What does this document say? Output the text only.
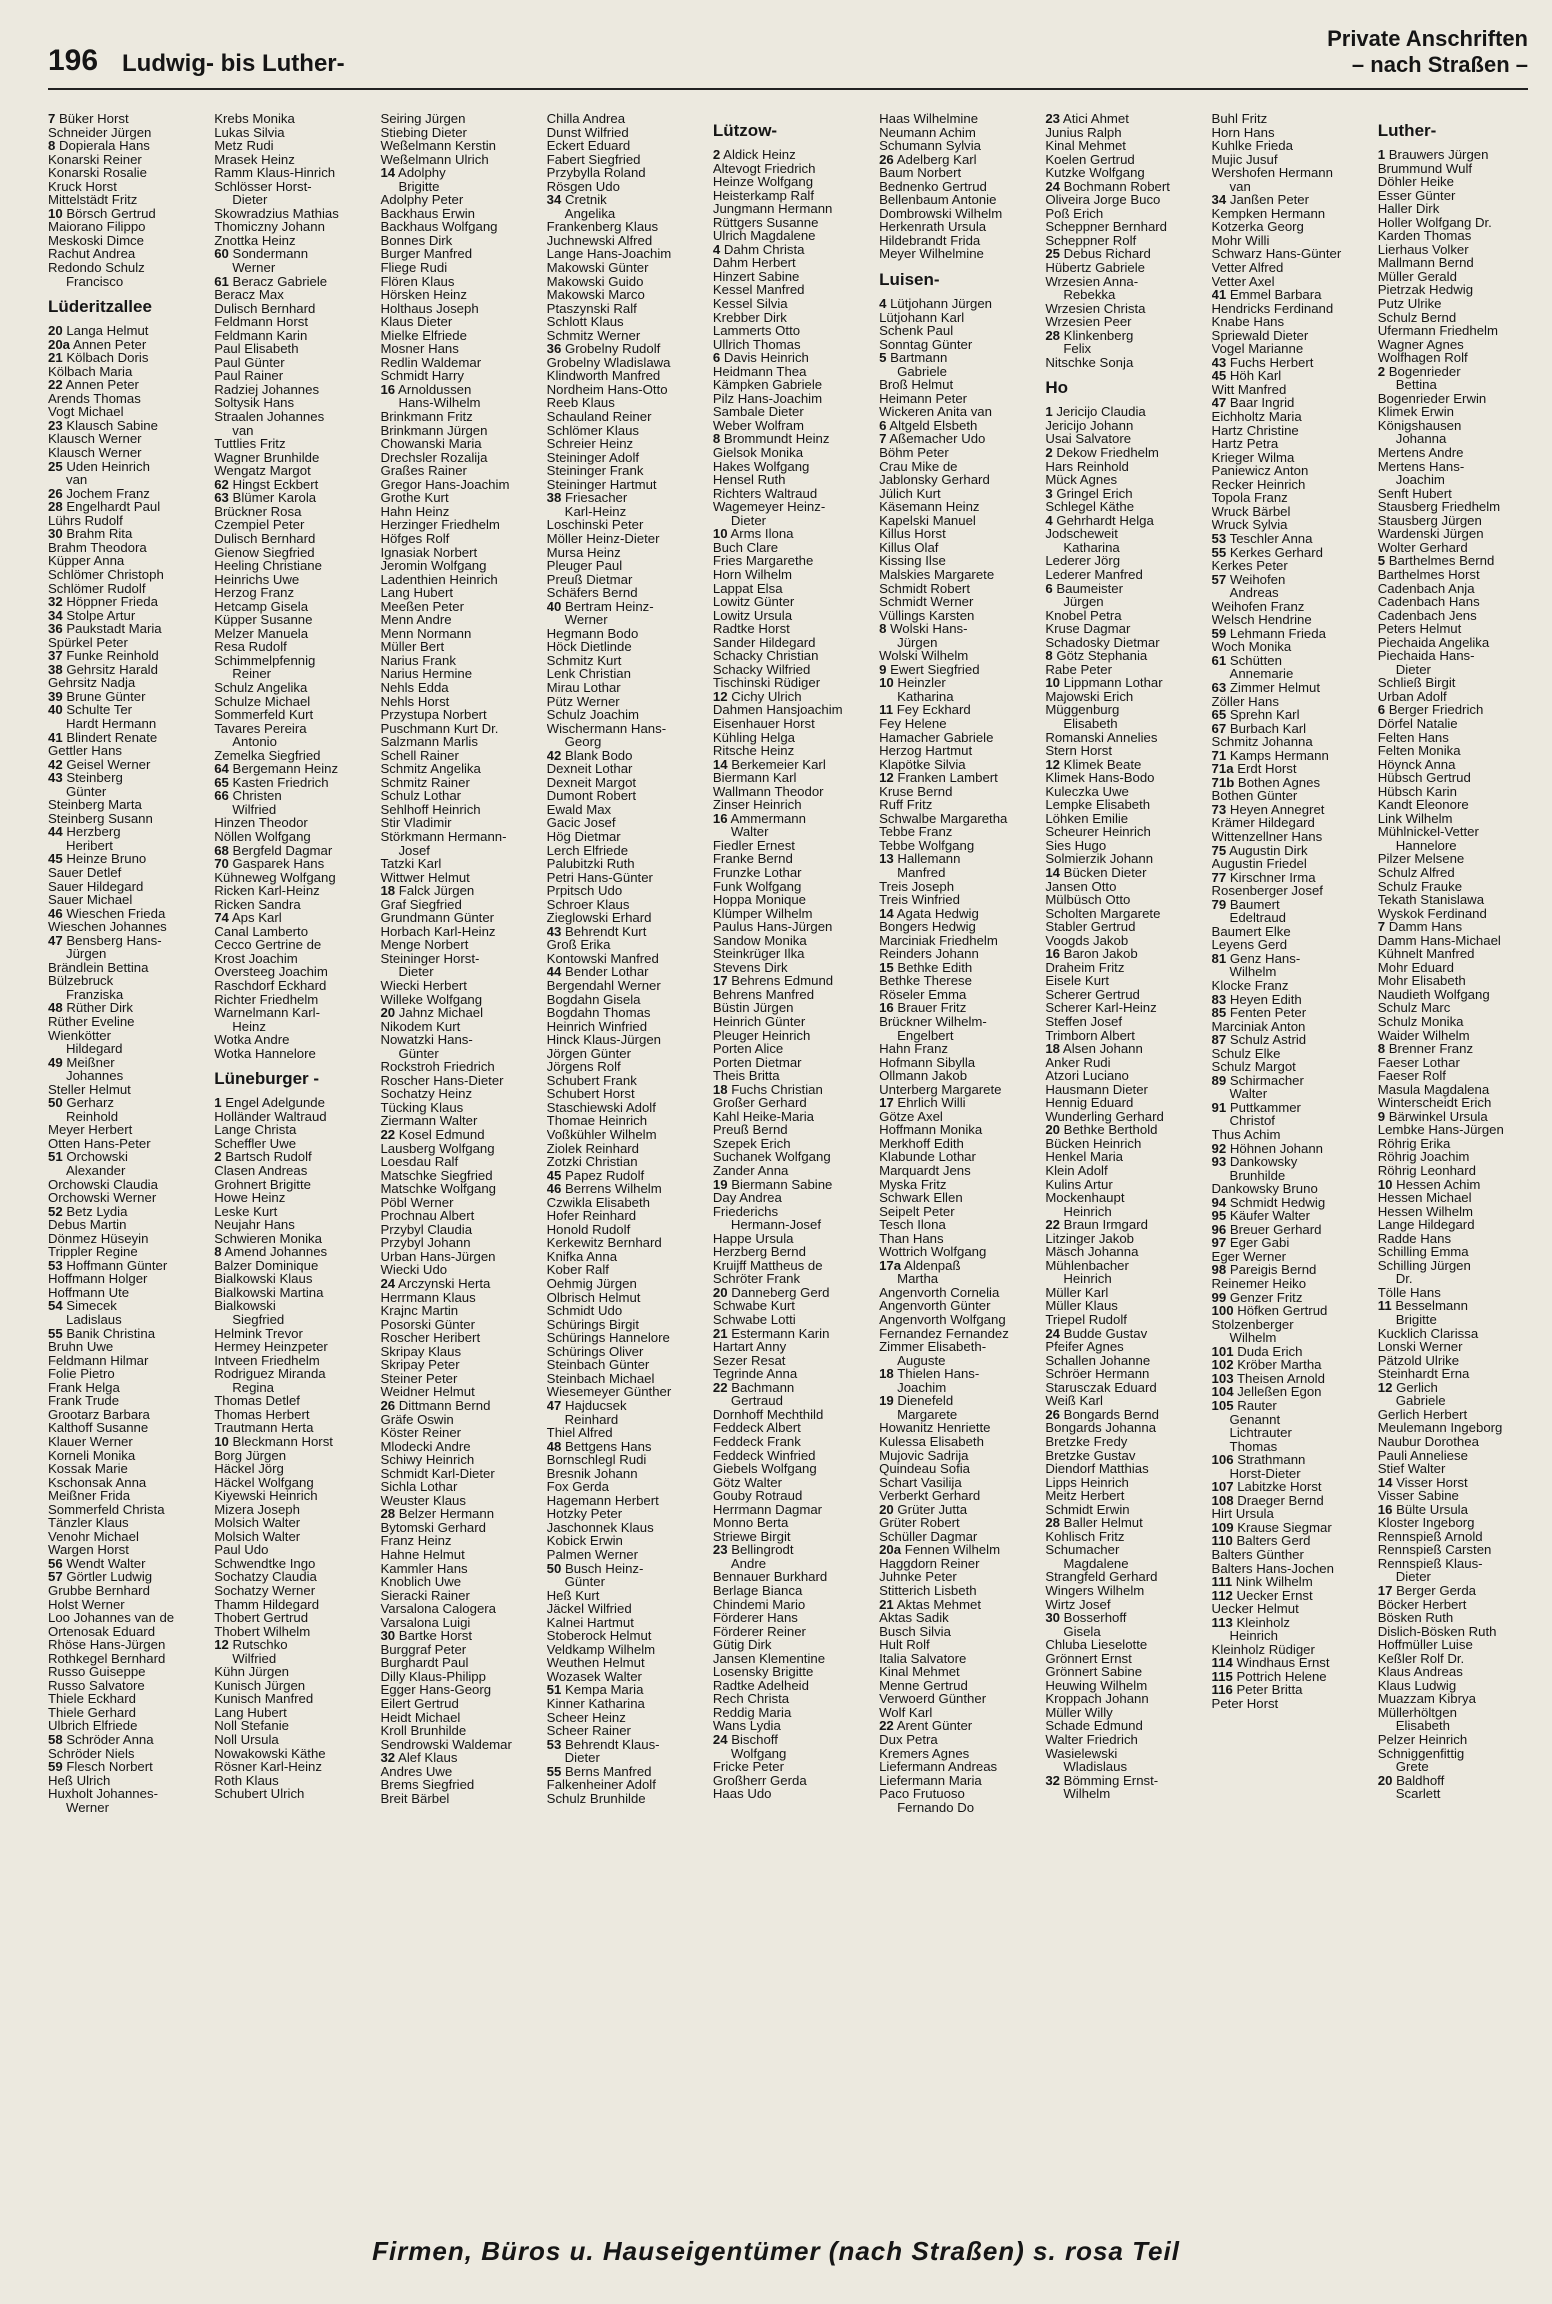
196 Ludwig- bis Luther-
Private Anschriften
– nach Straßen –
7 Büker Horst
Schneider Jürgen
8 Dopierala Hans
Konarski Reiner
Konarski Rosalie
Kruck Horst
Mittelstädt Fritz
10 Börsch Gertrud
Maiorano Filippo
Meskoski Dimce
Rachut Andrea
Redondo Schulz
Francisco
Lüderitzallee
20 Langa Helmut
20a Annen Peter
21 Kölbach Doris
Kölbach Maria
22 Annen Peter
Arends Thomas
Vogt Michael
23 Klausch Sabine
Klausch Werner
Klausch Werner
25 Uden Heinrich
van
26 Jochem Franz
28 Engelhardt Paul
Lührs Rudolf
30 Brahm Rita
Brahm Theodora
Küpper Anna
Schlömer Christoph
Schlömer Rudolf
32 Höppner Frieda
34 Stolpe Artur
36 Paukstadt Maria
Spürkel Peter
37 Funke Reinhold
38 Gehrsitz Harald
Gehrsitz Nadja
39 Brune Günter
40 Schulte Ter
Hardt Hermann
41 Blindert Renate
Gettler Hans
42 Geisel Werner
43 Steinberg
Günter
Steinberg Marta
Steinberg Susann
44 Herzberg
Heribert
45 Heinze Bruno
Sauer Detlef
Sauer Hildegard
Sauer Michael
46 Wieschen Frieda
Wieschen Johannes
47 Bensberg Hans-
Jürgen
Brändlein Bettina
Bülzebruck
Franziska
48 Rüther Dirk
Rüther Eveline
Wienkötter
Hildegard
49 Meißner
Johannes
Steller Helmut
50 Gerharz
Reinhold
Meyer Herbert
Otten Hans-Peter
51 Orchowski
Alexander
Orchowski Claudia
Orchowski Werner
52 Betz Lydia
Debus Martin
Dönmez Hüseyin
Trippler Regine
53 Hoffmann Günter
Hoffmann Holger
Hoffmann Ute
54 Simecek
Ladislaus
55 Banik Christina
Bruhn Uwe
Feldmann Hilmar
Folie Pietro
Frank Helga
Frank Trude
Grootarz Barbara
Kalthoff Susanne
Klauer Werner
Korneli Monika
Kossak Marie
Kschonsak Anna
Meißner Frida
Sommerfeld Christa
Tänzler Klaus
Venohr Michael
Wargen Horst
56 Wendt Walter
57 Görtler Ludwig
Grubbe Bernhard
Holst Werner
Loo Johannes van de
Ortenosak Eduard
Rhöse Hans-Jürgen
Rothkegel Bernhard
Russo Guiseppe
Russo Salvatore
Thiele Eckhard
Thiele Gerhard
Ulbrich Elfriede
58 Schröder Anna
Schröder Niels
59 Flesch Norbert
Heß Ulrich
Huxholt Johannes-
Werner
Krebs Monika
Lukas Silvia
Metz Rudi
Mrasek Heinz
Ramm Klaus-Hinrich
Schlösser Horst-
Dieter
Skowradzius Mathias
Thomiczny Johann
Znottka Heinz
60 Sondermann
Werner
61 Beracz Gabriele
Beracz Max
Dulisch Bernhard
Feldmann Horst
Feldmann Karin
Paul Elisabeth
Paul Günter
Paul Rainer
Radziej Johannes
Soltysik Hans
Straalen Johannes
van
Tuttlies Fritz
Wagner Brunhilde
Wengatz Margot
62 Hingst Eckbert
63 Blümer Karola
Brückner Rosa
Czempiel Peter
Dulisch Bernhard
Gienow Siegfried
Heeling Christiane
Heinrichs Uwe
Herzog Franz
Hetcamp Gisela
Küpper Susanne
Melzer Manuela
Resa Rudolf
Schimmelpfennig
Reiner
Schulz Angelika
Schulze Michael
Sommerfeld Kurt
Tavares Pereira
Antonio
Zemelka Siegfried
64 Bergemann Heinz
65 Kasten Friedrich
66 Christen
Wilfried
Hinzen Theodor
Nöllen Wolfgang
68 Bergfeld Dagmar
70 Gasparek Hans
Kühneweg Wolfgang
Ricken Karl-Heinz
Ricken Sandra
74 Aps Karl
Canal Lamberto
Cecco Gertrine de
Krost Joachim
Oversteeg Joachim
Raschdorf Eckhard
Richter Friedhelm
Warnelmann Karl-
Heinz
Wotka Andre
Wotka Hannelore
Lüneburger -
1 Engel Adelgunde
Holländer Waltraud
Lange Christa
Scheffler Uwe
2 Bartsch Rudolf
Clasen Andreas
Grohnert Brigitte
Howe Heinz
Leske Kurt
Neujahr Hans
Schwieren Monika
8 Amend Johannes
Balzer Dominique
Bialkowski Klaus
Bialkowski Martina
Bialkowski
Siegfried
Helmink Trevor
Hermey Heinzpeter
Intveen Friedhelm
Rodriguez Miranda
Regina
Thomas Detlef
Thomas Herbert
Trautmann Herta
10 Bleckmann Horst
Borg Jürgen
Häckel Jörg
Häckel Wolfgang
Kiyewski Heinrich
Mizera Joseph
Molsich Walter
Molsich Walter
Paul Udo
Schwendtke Ingo
Sochatzy Claudia
Sochatzy Werner
Thamm Hildegard
Thobert Gertrud
Thobert Wilhelm
12 Rutschko
Wilfried
Kühn Jürgen
Kunisch Jürgen
Kunisch Manfred
Lang Hubert
Noll Stefanie
Noll Ursula
Nowakowski Käthe
Rösner Karl-Heinz
Roth Klaus
Schubert Ulrich
Seiring Jürgen
Stiebing Dieter
Weßelmann Kerstin
Weßelmann Ulrich
14 Adolphy
Brigitte
Adolphy Peter
Backhaus Erwin
Backhaus Wolfgang
Bonnes Dirk
Burger Manfred
Fliege Rudi
Flören Klaus
Hörsken Heinz
Holthaus Joseph
Klaus Dieter
Mielke Elfriede
Mosner Hans
Redlin Waldemar
Schmidt Harry
16 Arnoldussen
Hans-Wilhelm
Brinkmann Fritz
Brinkmann Jürgen
Chowanski Maria
Drechsler Rozalija
Graßes Rainer
Gregor Hans-Joachim
Grothe Kurt
Hahn Heinz
Herzinger Friedhelm
Höfges Rolf
Ignasiak Norbert
Jeromin Wolfgang
Ladenthien Heinrich
Lang Hubert
Meeßen Peter
Menn Andre
Menn Normann
Müller Bert
Narius Frank
Narius Hermine
Nehls Edda
Nehls Horst
Przystupa Norbert
Puschmann Kurt Dr.
Salzmann Marlis
Schell Rainer
Schmitz Angelika
Schmitz Rainer
Schulz Lothar
Sehlhoff Heinrich
Stir Vladimir
Störkmann Hermann-
Josef
Tatzki Karl
Wittwer Helmut
18 Falck Jürgen
Graf Siegfried
Grundmann Günter
Horbach Karl-Heinz
Menge Norbert
Steininger Horst-
Dieter
Wiecki Herbert
Willeke Wolfgang
20 Jahnz Michael
Nikodem Kurt
Nowatzki Hans-
Günter
Rockstroh Friedrich
Roscher Hans-Dieter
Sochatzy Heinz
Tücking Klaus
Ziermann Walter
22 Kosel Edmund
Lausberg Wolfgang
Loesdau Ralf
Matschke Siegfried
Matschke Wolfgang
Pöbl Werner
Prochnau Albert
Przybyl Claudia
Przybyl Johann
Urban Hans-Jürgen
Wiecki Udo
24 Arczynski Herta
Herrmann Klaus
Krajnc Martin
Posorski Günter
Roscher Heribert
Skripay Klaus
Skripay Peter
Steiner Peter
Weidner Helmut
26 Dittmann Bernd
Gräfe Oswin
Köster Reiner
Mlodecki Andre
Schiwy Heinrich
Schmidt Karl-Dieter
Sichla Lothar
Weuster Klaus
28 Belzer Hermann
Bytomski Gerhard
Franz Heinz
Hahne Helmut
Kammler Hans
Knoblich Uwe
Sieracki Rainer
Varsalona Calogera
Varsalona Luigi
30 Bartke Horst
Burggraf Peter
Burghardt Paul
Dilly Klaus-Philipp
Egger Hans-Georg
Eilert Gertrud
Heidt Michael
Kroll Brunhilde
Sendrowski Waldemar
32 Alef Klaus
Andres Uwe
Brems Siegfried
Breit Bärbel
Chilla Andrea
Dunst Wilfried
Eckert Eduard
Fabert Siegfried
Przybylla Roland
Rösgen Udo
34 Cretnik
Angelika
Frankenberg Klaus
Juchnewski Alfred
Lange Hans-Joachim
Makowski Günter
Makowski Guido
Makowski Marco
Ptaszynski Ralf
Schlott Klaus
Schmitz Werner
36 Grobelny Rudolf
Grobelny Wladislawa
Klindworth Manfred
Nordheim Hans-Otto
Reeb Klaus
Schauland Reiner
Schlömer Klaus
Schreier Heinz
Steininger Adolf
Steininger Frank
Steininger Hartmut
38 Friesacher
Karl-Heinz
Loschinski Peter
Möller Heinz-Dieter
Mursa Heinz
Pleuger Paul
Preuß Dietmar
Schäfers Bernd
40 Bertram Heinz-
Werner
Hegmann Bodo
Höck Dietlinde
Schmitz Kurt
Lenk Christian
Mirau Lothar
Pütz Werner
Schulz Joachim
Wischermann Hans-
Georg
42 Blank Bodo
Dexneit Lothar
Dexneit Margot
Dumont Robert
Ewald Max
Gacic Josef
Hög Dietmar
Lerch Elfriede
Palubitzki Ruth
Petri Hans-Günter
Prpitsch Udo
Schroer Klaus
Zieglowski Erhard
43 Behrendt Kurt
Groß Erika
Kontowski Manfred
44 Bender Lothar
Bergendahl Werner
Bogdahn Gisela
Bogdahn Thomas
Heinrich Winfried
Hinck Klaus-Jürgen
Jörgen Günter
Jörgens Rolf
Schubert Frank
Schubert Horst
Staschiewski Adolf
Thomae Heinrich
Voßkühler Wilhelm
Ziolek Reinhard
Zotzki Christian
45 Papez Rudolf
46 Berrens Wilhelm
Czwikla Elisabeth
Hofer Reinhard
Honold Rudolf
Kerkewitz Bernhard
Knifka Anna
Kober Ralf
Oehmig Jürgen
Olbrisch Helmut
Schmidt Udo
Schürings Birgit
Schürings Hannelore
Schürings Oliver
Steinbach Günter
Steinbach Michael
Wiesemeyer Günther
47 Hajducsek
Reinhard
Thiel Alfred
48 Bettgens Hans
Bornschlegl Rudi
Bresnik Johann
Fox Gerda
Hagemann Herbert
Hotzky Peter
Jaschonnek Klaus
Kobick Erwin
Palmen Werner
50 Busch Heinz-
Günter
Heß Kurt
Jäckel Wilfried
Kalnei Hartmut
Stoberock Helmut
Veldkamp Wilhelm
Weuthen Helmut
Wozasek Walter
51 Kempa Maria
Kinner Katharina
Scheer Heinz
Scheer Rainer
53 Behrendt Klaus-
Dieter
55 Berns Manfred
Falkenheiner Adolf
Schulz Brunhilde
Lützow-
2 Aldick Heinz
Altevogt Friedrich
Heinze Wolfgang
Heisterkamp Ralf
Jungmann Hermann
Rüttgers Susanne
Ulrich Magdalene
4 Dahm Christa
Dahm Herbert
Hinzert Sabine
Kessel Manfred
Kessel Silvia
Krebber Dirk
Lammerts Otto
Ullrich Thomas
6 Davis Heinrich
Heidmann Thea
Kämpken Gabriele
Pilz Hans-Joachim
Sambale Dieter
Weber Wolfram
8 Brommundt Heinz
Gielsok Monika
Hakes Wolfgang
Hensel Ruth
Richters Waltraud
Wagemeyer Heinz-
Dieter
10 Arms Ilona
Buch Clare
Fries Margarethe
Horn Wilhelm
Lappat Elsa
Lowitz Günter
Lowitz Ursula
Radtke Horst
Sander Hildegard
Schacky Christian
Schacky Wilfried
Tischinski Rüdiger
12 Cichy Ulrich
Dahmen Hansjoachim
Eisenhauer Horst
Kühling Helga
Ritsche Heinz
14 Berkemeier Karl
Biermann Karl
Wallmann Theodor
Zinser Heinrich
16 Ammermann
Walter
Fiedler Ernest
Franke Bernd
Frunzke Lothar
Funk Wolfgang
Hoppa Monique
Klümper Wilhelm
Paulus Hans-Jürgen
Sandow Monika
Steinkrüger Ilka
Stevens Dirk
17 Behrens Edmund
Behrens Manfred
Büstin Jürgen
Heinrich Günter
Pleuger Heinrich
Porten Alice
Porten Dietmar
Theis Britta
18 Fuchs Christian
Großer Gerhard
Kahl Heike-Maria
Preuß Bernd
Szepek Erich
Suchanek Wolfgang
Zander Anna
19 Biermann Sabine
Day Andrea
Friederichs
Hermann-Josef
Happe Ursula
Herzberg Bernd
Kruijff Mattheus de
Schröter Frank
20 Danneberg Gerd
Schwabe Kurt
Schwabe Lotti
21 Estermann Karin
Hartart Anny
Sezer Resat
Tegrinde Anna
22 Bachmann
Gertraud
Dornhoff Mechthild
Feddeck Albert
Feddeck Frank
Feddeck Winfried
Giebels Wolfgang
Götz Walter
Gouby Rotraud
Herrmann Dagmar
Monno Berta
Striewe Birgit
23 Bellingrodt
Andre
Bennauer Burkhard
Berlage Bianca
Chindemi Mario
Förderer Hans
Förderer Reiner
Gütig Dirk
Jansen Klementine
Losensky Brigitte
Radtke Adelheid
Rech Christa
Reddig Maria
Wans Lydia
24 Bischoff
Wolfgang
Fricke Peter
Großherr Gerda
Haas Udo
Haas Wilhelmine
Neumann Achim
Schumann Sylvia
26 Adelberg Karl
Baum Norbert
Bednenko Gertrud
Bellenbaum Antonie
Dombrowski Wilhelm
Herkenrath Ursula
Hildebrandt Frida
Meyer Wilhelmine
Luisen-
4 Lütjohann Jürgen
Lütjohann Karl
Schenk Paul
Sonntag Günter
5 Bartmann
Gabriele
Broß Helmut
Heimann Peter
Wickeren Anita van
6 Altgeld Elsbeth
7 Aßemacher Udo
Böhm Peter
Crau Mike de
Jablonsky Gerhard
Jülich Kurt
Käsemann Heinz
Kapelski Manuel
Killus Horst
Killus Olaf
Kissing Ilse
Malskies Margarete
Schmidt Robert
Schmidt Werner
Vüllings Karsten
8 Wolski Hans-
Jürgen
Wolski Wilhelm
9 Ewert Siegfried
10 Heinzler
Katharina
11 Fey Eckhard
Fey Helene
Hamacher Gabriele
Herzog Hartmut
Klapötke Silvia
12 Franken Lambert
Kruse Bernd
Ruff Fritz
Schwalbe Margaretha
Tebbe Franz
Tebbe Wolfgang
13 Hallemann
Manfred
Treis Joseph
Treis Winfried
14 Agata Hedwig
Bongers Hedwig
Marciniak Friedhelm
Reinders Johann
15 Bethke Edith
Bethke Therese
Röseler Emma
16 Brauer Fritz
Brückner Wilhelm-
Engelbert
Hahn Franz
Hofmann Sibylla
Ollmann Jakob
Unterberg Margarete
17 Ehrlich Willi
Götze Axel
Hoffmann Monika
Merkhoff Edith
Klabunde Lothar
Marquardt Jens
Myska Fritz
Schwark Ellen
Seipelt Peter
Tesch Ilona
Than Hans
Wottrich Wolfgang
17a Aldenpaß
Martha
Angenvorth Cornelia
Angenvorth Günter
Angenvorth Wolfgang
Fernandez Fernandez
Zimmer Elisabeth-
Auguste
18 Thielen Hans-
Joachim
19 Dienefeld
Margarete
Howanitz Henriette
Kulessa Elisabeth
Mujovic Sadrija
Quindeau Sofia
Schart Vasilija
Verberkt Gerhard
20 Grüter Jutta
Grüter Robert
Schüller Dagmar
20a Fennen Wilhelm
Haggdorn Reiner
Juhnke Peter
Stitterich Lisbeth
21 Aktas Mehmet
Aktas Sadik
Busch Silvia
Hult Rolf
Italia Salvatore
Kinal Mehmet
Menne Gertrud
Verwoerd Günther
Wolf Karl
22 Arent Günter
Dux Petra
Kremers Agnes
Liefermann Andreas
Liefermann Maria
Paco Frutuoso
Fernando Do
23 Atici Ahmet
Junius Ralph
Kinal Mehmet
Koelen Gertrud
Kutzke Wolfgang
24 Bochmann Robert
Oliveira Jorge Buco
Poß Erich
Scheppner Bernhard
Scheppner Rolf
25 Debus Richard
Hübertz Gabriele
Wrzesien Anna-
Rebekka
Wrzesien Christa
Wrzesien Peer
28 Klinkenberg
Felix
Nitschke Sonja
Ho
1 Jericijo Claudia
Jericijo Johann
Usai Salvatore
2 Dekow Friedhelm
Hars Reinhold
Mück Agnes
3 Gringel Erich
Schlegel Käthe
4 Gehrhardt Helga
Jodscheweit
Katharina
Lederer Jörg
Lederer Manfred
6 Baumeister
Jürgen
Knobel Petra
Kruse Dagmar
Schadosky Dietmar
8 Götz Stephania
Rabe Peter
10 Lippmann Lothar
Majowski Erich
Müggenburg
Elisabeth
Romanski Annelies
Stern Horst
12 Klimek Beate
Klimek Hans-Bodo
Kuleczka Uwe
Lempke Elisabeth
Löhken Emilie
Scheurer Heinrich
Sies Hugo
Solmierzik Johann
14 Bücken Dieter
Jansen Otto
Mülbüsch Otto
Scholten Margarete
Stabler Gertrud
Voogds Jakob
16 Baron Jakob
Draheim Fritz
Eisele Kurt
Scherer Gertrud
Scherer Karl-Heinz
Steffen Josef
Trimborn Albert
18 Alsen Johann
Anker Rudi
Atzori Luciano
Hausmann Dieter
Hennig Eduard
Wunderling Gerhard
20 Bethke Berthold
Bücken Heinrich
Henkel Maria
Klein Adolf
Kulins Artur
Mockenhaupt
Heinrich
22 Braun Irmgard
Litzinger Jakob
Mäsch Johanna
Mühlenbacher
Heinrich
Müller Karl
Müller Klaus
Triepel Rudolf
24 Budde Gustav
Pfeifer Agnes
Schallen Johanne
Schröer Hermann
Starusczak Eduard
Weiß Karl
26 Bongards Bernd
Bongards Johanna
Bretzke Fredy
Bretzke Gustav
Diendorf Matthias
Lipps Heinrich
Meitz Herbert
Schmidt Erwin
28 Baller Helmut
Kohlisch Fritz
Schumacher
Magdalene
Strangfeld Gerhard
Wingers Wilhelm
Wirtz Josef
30 Bosserhoff
Gisela
Chluba Lieselotte
Grönnert Ernst
Grönnert Sabine
Heuwing Wilhelm
Kroppach Johann
Müller Willy
Schade Edmund
Walter Friedrich
Wasielewski
Wladislaus
32 Bömming Ernst-
Wilhelm
Buhl Fritz
Horn Hans
Kuhlke Frieda
Mujic Jusuf
Wershofen Hermann
van
34 Janßen Peter
Kempken Hermann
Kotzerka Georg
Mohr Willi
Schwarz Hans-Günter
Vetter Alfred
Vetter Axel
41 Emmel Barbara
Hendricks Ferdinand
Knabe Hans
Spriewald Dieter
Vogel Marianne
43 Fuchs Herbert
45 Höh Karl
Witt Manfred
47 Baar Ingrid
Eichholtz Maria
Hartz Christine
Hartz Petra
Krieger Wilma
Paniewicz Anton
Recker Heinrich
Topola Franz
Wruck Bärbel
Wruck Sylvia
53 Teschler Anna
55 Kerkes Gerhard
Kerkes Peter
57 Weihofen
Andreas
Weihofen Franz
Welsch Hendrine
59 Lehmann Frieda
Woch Monika
61 Schütten
Annemarie
63 Zimmer Helmut
Zöller Hans
65 Sprehn Karl
67 Burbach Karl
Schmitz Johanna
71 Kamps Hermann
71a Erdt Horst
71b Bothen Agnes
Bothen Günter
73 Heyen Annegret
Krämer Hildegard
Wittenzellner Hans
75 Augustin Dirk
Augustin Friedel
77 Kirschner Irma
Rosenberger Josef
79 Baumert
Edeltraud
Baumert Elke
Leyens Gerd
81 Genz Hans-
Wilhelm
Klocke Franz
83 Heyen Edith
85 Fenten Peter
Marciniak Anton
87 Schulz Astrid
Schulz Elke
Schulz Margot
89 Schirmacher
Walter
91 Puttkammer
Christof
Thus Achim
92 Höhnen Johann
93 Dankowsky
Brunhilde
Dankowsky Bruno
94 Schmidt Hedwig
95 Käufer Walter
96 Breuer Gerhard
97 Eger Gabi
Eger Werner
98 Pareigis Bernd
Reinemer Heiko
99 Genzer Fritz
100 Höfken Gertrud
Stolzenberger
Wilhelm
101 Duda Erich
102 Kröber Martha
103 Theisen Arnold
104 Jelleßen Egon
105 Rauter
Genannt
Lichtrauter
Thomas
106 Strathmann
Horst-Dieter
107 Labitzke Horst
108 Draeger Bernd
Hirt Ursula
109 Krause Siegmar
110 Balters Gerd
Balters Günther
Balters Hans-Jochen
111 Nink Wilhelm
112 Uecker Ernst
Uecker Helmut
113 Kleinholz
Heinrich
Kleinholz Rüdiger
114 Windhaus Ernst
115 Pottrich Helene
116 Peter Britta
Peter Horst
Luther-
1 Brauwers Jürgen
Brummund Wulf
Döhler Heike
Esser Günter
Haller Dirk
Holler Wolfgang Dr.
Karden Thomas
Lierhaus Volker
Mallmann Bernd
Müller Gerald
Pietrzak Hedwig
Putz Ulrike
Schulz Bernd
Ufermann Friedhelm
Wagner Agnes
Wolfhagen Rolf
2 Bogenrieder
Bettina
Bogenrieder Erwin
Klimek Erwin
Königshausen
Johanna
Mertens Andre
Mertens Hans-
Joachim
Senft Hubert
Stausberg Friedhelm
Stausberg Jürgen
Wardenski Jürgen
Wolter Gerhard
5 Barthelmes Bernd
Barthelmes Horst
Cadenbach Anja
Cadenbach Hans
Cadenbach Jens
Peters Helmut
Piechaida Angelika
Piechaida Hans-
Dieter
Schließ Birgit
Urban Adolf
6 Berger Friedrich
Dörfel Natalie
Felten Hans
Felten Monika
Höynck Anna
Hübsch Gertrud
Hübsch Karin
Kandt Eleonore
Link Wilhelm
Mühlnickel-Vetter
Hannelore
Pilzer Melsene
Schulz Alfred
Schulz Frauke
Tekath Stanislawa
Wyskok Ferdinand
7 Damm Hans
Damm Hans-Michael
Kühnelt Manfred
Mohr Eduard
Mohr Elisabeth
Naudieth Wolfgang
Schulz Marc
Schulz Monika
Waider Wilhelm
8 Brenner Franz
Faeser Lothar
Faeser Rolf
Masula Magdalena
Winterscheidt Erich
9 Bärwinkel Ursula
Lembke Hans-Jürgen
Röhrig Erika
Röhrig Joachim
Röhrig Leonhard
10 Hessen Achim
Hessen Michael
Hessen Wilhelm
Lange Hildegard
Radde Hans
Schilling Emma
Schilling Jürgen
Dr.
Tölle Hans
11 Besselmann
Brigitte
Kucklich Clarissa
Lonski Werner
Pätzold Ulrike
Steinhardt Erna
12 Gerlich
Gabriele
Gerlich Herbert
Meulemann Ingeborg
Naubur Dorothea
Pauli Anneliese
Stief Walter
14 Visser Horst
Visser Sabine
16 Bülte Ursula
Kloster Ingeborg
Rennspieß Arnold
Rennspieß Carsten
Rennspieß Klaus-
Dieter
17 Berger Gerda
Böcker Herbert
Bösken Ruth
Dislich-Bösken Ruth
Hoffmüller Luise
Keßler Rolf Dr.
Klaus Andreas
Klaus Ludwig
Muazzam Kibrya
Müllerhöltgen
Elisabeth
Pelzer Heinrich
Schniggenfittig
Grete
20 Baldhoff
Scarlett
Firmen, Büros u. Hauseigentümer (nach Straßen) s. rosa Teil
